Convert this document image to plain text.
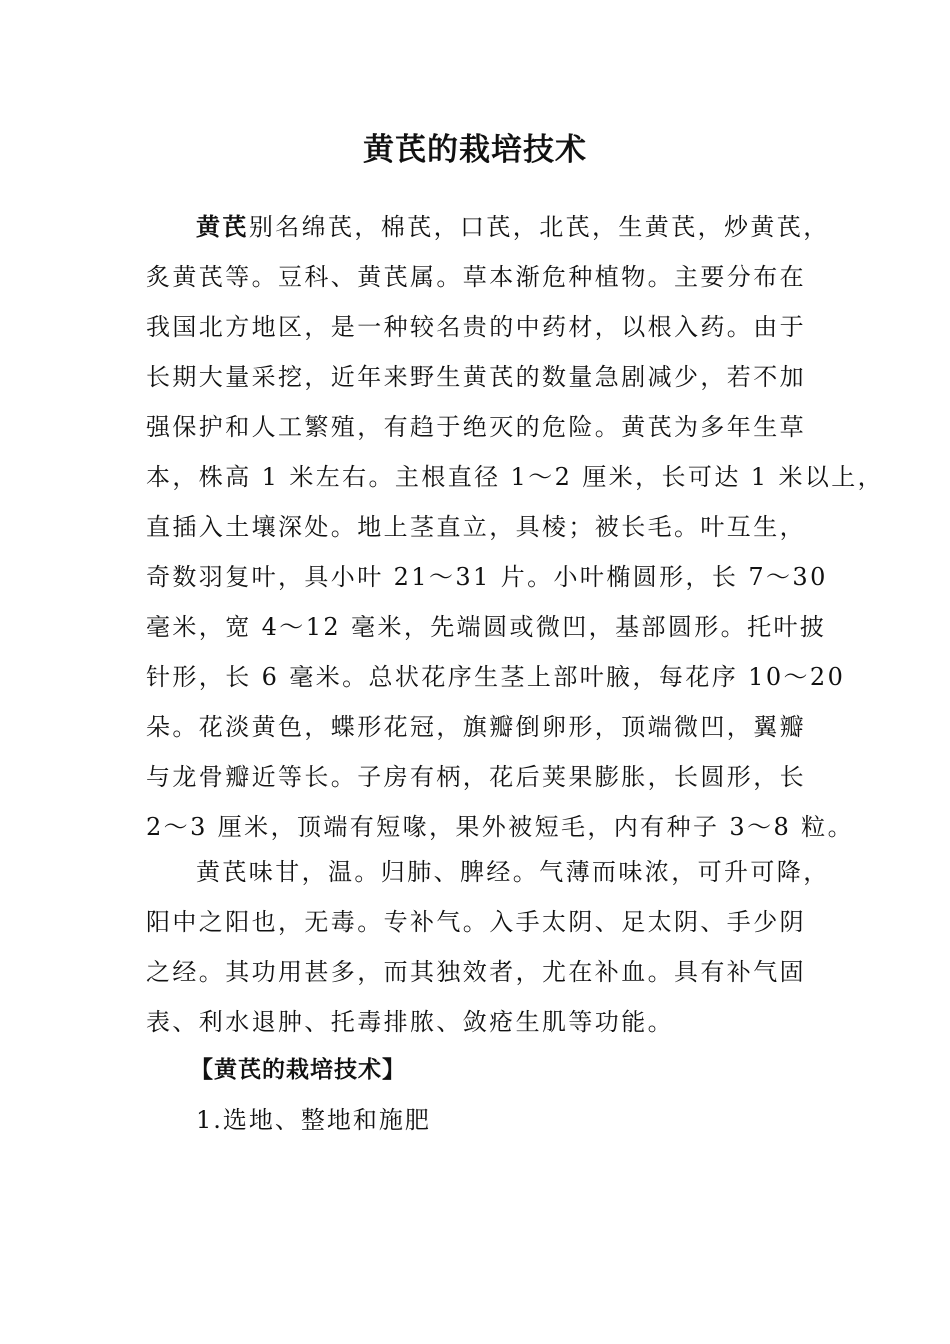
黄芪的栽培技术
黄芪别名绵芪，棉芪，口芪，北芪，生黄芪，炒黄芪，
炙黄芪等。豆科、黄芪属。草本渐危种植物。主要分布在
我国北方地区，是一种较名贵的中药材，以根入药。由于
长期大量采挖，近年来野生黄芪的数量急剧减少，若不加
强保护和人工繁殖，有趋于绝灭的危险。黄芪为多年生草
本，株高 1 米左右。主根直径 1～2 厘米，长可达 1 米以上，
直插入土壤深处。地上茎直立，具棱；被长毛。叶互生，
奇数羽复叶，具小叶 21～31 片。小叶椭圆形，长 7～30
毫米，宽 4～12 毫米，先端圆或微凹，基部圆形。托叶披
针形，长 6 毫米。总状花序生茎上部叶腋，每花序 10～20
朵。花淡黄色，蝶形花冠，旗瓣倒卵形，顶端微凹，翼瓣
与龙骨瓣近等长。子房有柄，花后荚果膨胀，长圆形，长
2～3 厘米，顶端有短喙，果外被短毛，内有种子 3～8 粒。
黄芪味甘，温。归肺、脾经。气薄而味浓，可升可降，
阳中之阳也，无毒。专补气。入手太阴、足太阴、手少阴
之经。其功用甚多，而其独效者，尤在补血。具有补气固
表、利水退肿、托毒排脓、敛疮生肌等功能。
【黄芪的栽培技术】
1.选地、整地和施肥
